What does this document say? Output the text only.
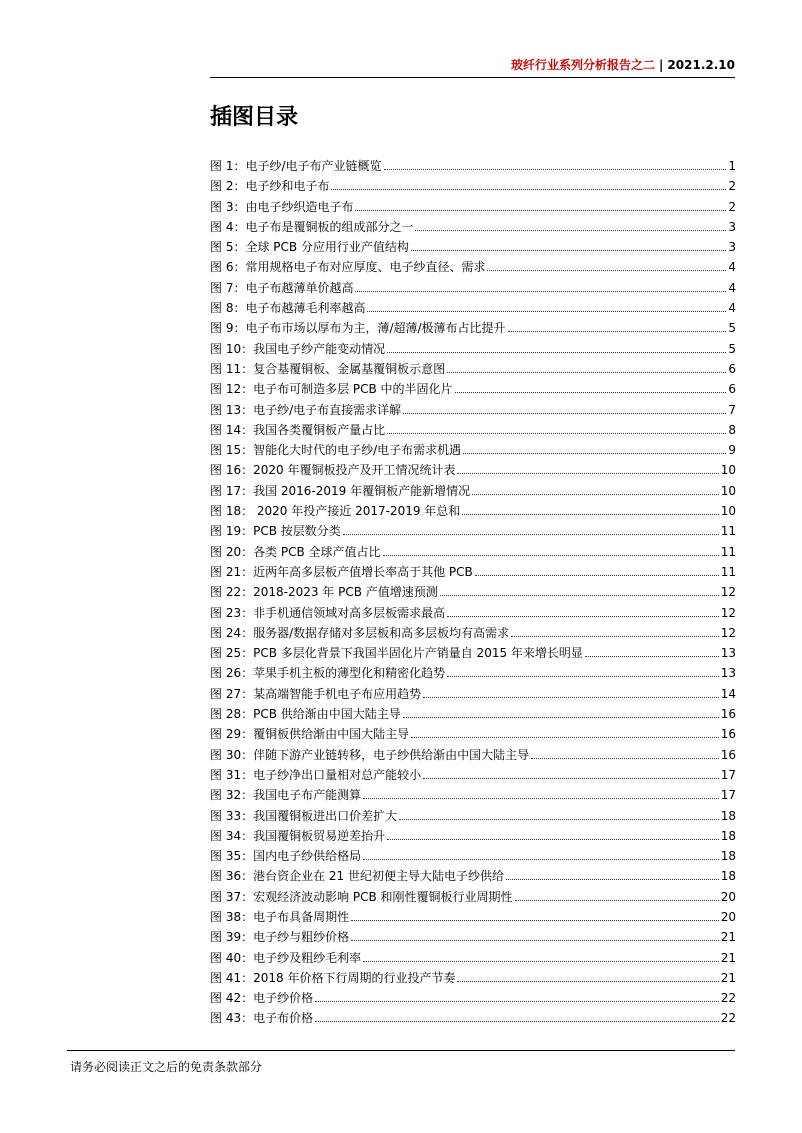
玻纤行业系列分析报告之二 | 2021.2.10
插图目录
图 1：电子纱/电子布产业链概览	1
图 2：电子纱和电子布	2
图 3：由电子纱织造电子布	2
图 4：电子布是覆铜板的组成部分之一	3
图 5：全球 PCB 分应用行业产值结构	3
图 6：常用规格电子布对应厚度、电子纱直径、需求	4
图 7：电子布越薄单价越高	4
图 8：电子布越薄毛利率越高	4
图 9：电子布市场以厚布为主，薄/超薄/极薄布占比提升	5
图 10：我国电子纱产能变动情况	5
图 11：复合基覆铜板、金属基覆铜板示意图	6
图 12：电子布可制造多层 PCB 中的半固化片	6
图 13：电子纱/电子布直接需求详解	7
图 14：我国各类覆铜板产量占比	8
图 15：智能化大时代的电子纱/电子布需求机遇	9
图 16：2020 年覆铜板投产及开工情况统计表	10
图 17：我国 2016-2019 年覆铜板产能新增情况	10
图 18： 2020 年投产接近 2017-2019 年总和	10
图 19：PCB 按层数分类	11
图 20：各类 PCB 全球产值占比	11
图 21：近两年高多层板产值增长率高于其他 PCB	11
图 22：2018-2023 年 PCB 产值增速预测	12
图 23：非手机通信领域对高多层板需求最高	12
图 24：服务器/数据存储对多层板和高多层板均有高需求	12
图 25：PCB 多层化背景下我国半固化片产销量自 2015 年来增长明显	13
图 26：苹果手机主板的薄型化和精密化趋势	13
图 27：某高端智能手机电子布应用趋势	14
图 28：PCB 供给渐由中国大陆主导	16
图 29：覆铜板供给渐由中国大陆主导	16
图 30：伴随下游产业链转移，电子纱供给渐由中国大陆主导	16
图 31：电子纱净出口量相对总产能较小	17
图 32：我国电子布产能测算	17
图 33：我国覆铜板进出口价差扩大	18
图 34：我国覆铜板贸易逆差抬升	18
图 35：国内电子纱供给格局	18
图 36：港台资企业在 21 世纪初便主导大陆电子纱供给	18
图 37：宏观经济波动影响 PCB 和刚性覆铜板行业周期性	20
图 38：电子布具备周期性	20
图 39：电子纱与粗纱价格	21
图 40：电子纱及粗纱毛利率	21
图 41：2018 年价格下行周期的行业投产节奏	21
图 42：电子纱价格	22
图 43：电子布价格	22
请务必阅读正文之后的免责条款部分
